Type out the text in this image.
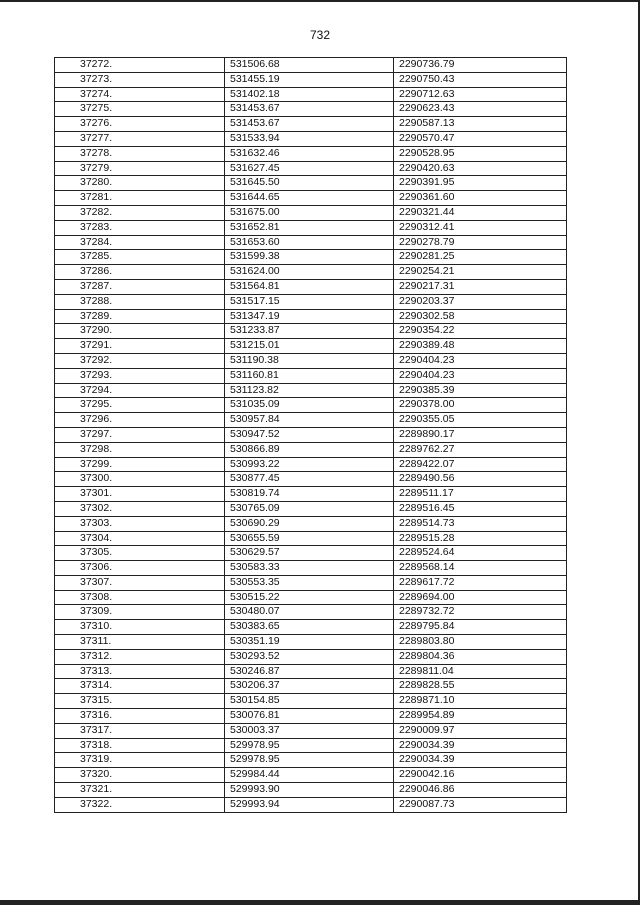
732
37272.	531506.68	2290736.79
37273.	531455.19	2290750.43
37274.	531402.18	2290712.63
37275.	531453.67	2290623.43
37276.	531453.67	2290587.13
37277.	531533.94	2290570.47
37278.	531632.46	2290528.95
37279.	531627.45	2290420.63
37280.	531645.50	2290391.95
37281.	531644.65	2290361.60
37282.	531675.00	2290321.44
37283.	531652.81	2290312.41
37284.	531653.60	2290278.79
37285.	531599.38	2290281.25
37286.	531624.00	2290254.21
37287.	531564.81	2290217.31
37288.	531517.15	2290203.37
37289.	531347.19	2290302.58
37290.	531233.87	2290354.22
37291.	531215.01	2290389.48
37292.	531190.38	2290404.23
37293.	531160.81	2290404.23
37294.	531123.82	2290385.39
37295.	531035.09	2290378.00
37296.	530957.84	2290355.05
37297.	530947.52	2289890.17
37298.	530866.89	2289762.27
37299.	530993.22	2289422.07
37300.	530877.45	2289490.56
37301.	530819.74	2289511.17
37302.	530765.09	2289516.45
37303.	530690.29	2289514.73
37304.	530655.59	2289515.28
37305.	530629.57	2289524.64
37306.	530583.33	2289568.14
37307.	530553.35	2289617.72
37308.	530515.22	2289694.00
37309.	530480.07	2289732.72
37310.	530383.65	2289795.84
37311.	530351.19	2289803.80
37312.	530293.52	2289804.36
37313.	530246.87	2289811.04
37314.	530206.37	2289828.55
37315.	530154.85	2289871.10
37316.	530076.81	2289954.89
37317.	530003.37	2290009.97
37318.	529978.95	2290034.39
37319.	529978.95	2290034.39
37320.	529984.44	2290042.16
37321.	529993.90	2290046.86
37322.	529993.94	2290087.73
